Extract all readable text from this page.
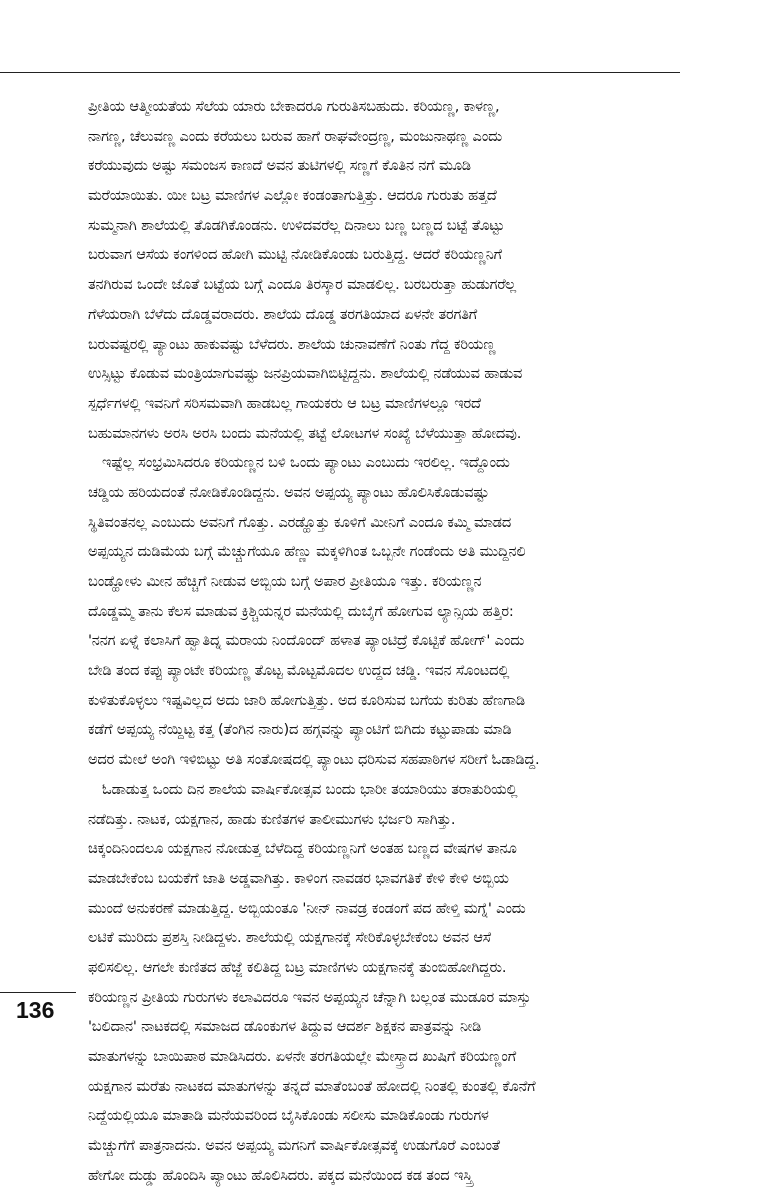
ಪ್ರೀತಿಯ ಆತ್ಮೀಯತೆಯ ಸೆಲೆಯ ಯಾರು ಬೇಕಾದರೂ ಗುರುತಿಸಬಹುದು. ಕರಿಯಣ್ಣ, ಕಾಳಣ್ಣ,
ನಾಗಣ್ಣ, ಚೆಲುವಣ್ಣ ಎಂದು ಕರೆಯಲು ಬರುವ ಹಾಗೆ ರಾಘವೇಂದ್ರಣ್ಣ, ಮಂಜುನಾಥಣ್ಣ ಎಂದು
ಕರೆಯುವುದು ಅಷ್ಟು ಸಮಂಜಸ ಕಾಣದೆ ಅವನ ತುಟಿಗಳಲ್ಲಿ ಸಣ್ಣಗೆ ಕೊತಿನ ನಗೆ ಮೂಡಿ
ಮರೆಯಾಯಿತು. ಯೀ ಬಟ್ರ ಮಾಣಿಗಳ ಎಲ್ಲೋ ಕಂಡಂತಾಗುತ್ತಿತ್ತು. ಆದರೂ ಗುರುತು ಹತ್ತದೆ
ಸುಮ್ಮನಾಗಿ ಶಾಲೆಯಲ್ಲಿ ತೊಡಗಿಕೊಂಡನು. ಉಳಿದವರೆಲ್ಲ ದಿನಾಲು ಬಣ್ಣ ಬಣ್ಣದ ಬಟ್ಟೆ ತೊಟ್ಟು
ಬರುವಾಗ ಆಸೆಯ ಕಂಗಳಿಂದ ಹೋಗಿ ಮುಟ್ಟಿ ನೋಡಿಕೊಂಡು ಬರುತ್ತಿದ್ದ. ಆದರೆ ಕರಿಯಣ್ಣನಿಗೆ
ತನಗಿರುವ ಒಂದೇ ಜೊತೆ ಬಟ್ಟೆಯ ಬಗ್ಗೆ ಎಂದೂ ತಿರಸ್ಕಾರ ಮಾಡಲಿಲ್ಲ. ಬರಬರುತ್ತಾ ಹುಡುಗರೆಲ್ಲ
ಗೆಳೆಯರಾಗಿ ಬೆಳೆದು ದೊಡ್ಡವರಾದರು. ಶಾಲೆಯ ದೊಡ್ಡ ತರಗತಿಯಾದ ಏಳನೇ ತರಗತಿಗೆ
ಬರುವಷ್ಟರಲ್ಲಿ ಪ್ಯಾಂಟು ಹಾಕುವಷ್ಟು ಬೆಳೆದರು. ಶಾಲೆಯ ಚುನಾವಣೆಗೆ ನಿಂತು ಗೆದ್ದ ಕರಿಯಣ್ಣ
ಉಸ್ಸಿಟ್ಟು ಕೊಡುವ ಮಂತ್ರಿಯಾಗುವಷ್ಟು ಜನಪ್ರಿಯವಾಗಿಬಿಟ್ಟಿದ್ದನು. ಶಾಲೆಯಲ್ಲಿ ನಡೆಯುವ ಹಾಡುವ
ಸ್ಪರ್ಧೆಗಳಲ್ಲಿ ಇವನಿಗೆ ಸರಿಸಮವಾಗಿ ಹಾಡಬಲ್ಲ ಗಾಯಕರು ಆ ಬಟ್ರ ಮಾಣಿಗಳಲ್ಲೂ ಇರದೆ
ಬಹುಮಾನಗಳು ಅರಸಿ ಅರಸಿ ಬಂದು ಮನೆಯಲ್ಲಿ ತಟ್ಟೆ ಲೋಟಗಳ ಸಂಖ್ಯೆ ಬೆಳೆಯುತ್ತಾ ಹೋದವು.
ಇಷ್ಟೆಲ್ಲ ಸಂಭ್ರಮಿಸಿದರೂ ಕರಿಯಣ್ಣನ ಬಳಿ ಒಂದು ಪ್ಯಾಂಟು ಎಂಬುದು ಇರಲಿಲ್ಲ. ಇದ್ದೊಂದು
ಚಡ್ಡಿಯ ಹರಿಯದಂತೆ ನೋಡಿಕೊಂಡಿದ್ದನು. ಅವನ ಅಪ್ಪಯ್ಯ ಪ್ಯಾಂಟು ಹೊಲಿಸಿಕೊಡುವಷ್ಟು
ಸ್ಥಿತಿವಂತನಲ್ಲ ಎಂಬುದು ಅವನಿಗೆ ಗೊತ್ತು. ಎರಡ್ಹೊತ್ತು ಕೂಳಿಗೆ ಮೀನಿಗೆ ಎಂದೂ ಕಮ್ಮಿ ಮಾಡದ
ಅಪ್ಪಯ್ಯನ ದುಡಿಮೆಯ ಬಗ್ಗೆ ಮೆಚ್ಚುಗೆಯೂ ಹೆಣ್ಣು ಮಕ್ಕಳಿಗಿಂತ ಒಬ್ಬನೇ ಗಂಡೆಂದು ಅತಿ ಮುದ್ದಿನಲಿ
ಬಂಡ್ಹೋಳು ಮೀನ ಹೆಚ್ಚಿಗೆ ನೀಡುವ ಅಬ್ಬಿಯ ಬಗ್ಗೆ ಅಪಾರ ಪ್ರೀತಿಯೂ ಇತ್ತು. ಕರಿಯಣ್ಣನ
ದೊಡ್ಡಮ್ಮ ತಾನು ಕೆಲಸ ಮಾಡುವ ಕ್ರಿಶ್ಚಿಯನ್ನರ ಮನೆಯಲ್ಲಿ ದುಬೈಗೆ ಹೋಗುವ ಲ್ಯಾನ್ಸಿಯ ಹತ್ತಿರ:
'ನನಗ ಏಳ್ನೆ ಕಲಾಸಿಗೆ ಹ್ವಾತಿದ್ನ ಮರಾಯ ನಿಂದೊಂದ್ ಹಳಾತ ಪ್ಯಾಂಟಿದ್ರೆ ಕೊಟ್ಟಿಕೆ ಹೋಗ್' ಎಂದು
ಬೇಡಿ ತಂದ ಕಪ್ಪು ಪ್ಯಾಂಟೇ ಕರಿಯಣ್ಣ ತೊಟ್ಟ ಮೊಟ್ಟಮೊದಲ ಉದ್ದದ ಚಡ್ಡಿ. ಇವನ ಸೊಂಟದಲ್ಲಿ
ಕುಳಿತುಕೊಳ್ಳಲು ಇಷ್ಟವಿಲ್ಲದ ಅದು ಜಾರಿ ಹೋಗುತ್ತಿತ್ತು. ಅದ ಕೂರಿಸುವ ಬಗೆಯ ಕುರಿತು ಹೆಣಗಾಡಿ
ಕಡೆಗೆ ಅಪ್ಪಯ್ಯ ನೆಯ್ದಿಟ್ಟ ಕತ್ತ (ತೆಂಗಿನ ನಾರು)ದ ಹಗ್ಗವನ್ನು ಪ್ಯಾಂಟಿಗೆ ಬಿಗಿದು ಕಟ್ಟುಪಾಡು ಮಾಡಿ
ಅದರ ಮೇಲೆ ಅಂಗಿ ಇಳಿಬಿಟ್ಟು ಅತಿ ಸಂತೋಷದಲ್ಲಿ ಪ್ಯಾಂಟು ಧರಿಸುವ ಸಹಪಾಠಿಗಳ ಸರೀಗೆ ಓಡಾಡಿದ್ದ.
ಓಡಾಡುತ್ತ ಒಂದು ದಿನ ಶಾಲೆಯ ವಾರ್ಷಿಕೋತ್ಸವ ಬಂದು ಭಾರೀ ತಯಾರಿಯು ತರಾತುರಿಯಲ್ಲಿ
ನಡೆದಿತ್ತು. ನಾಟಕ, ಯಕ್ಷಗಾನ, ಹಾಡು ಕುಣಿತಗಳ ತಾಲೀಮುಗಳು ಭರ್ಜರಿ ಸಾಗಿತ್ತು.
ಚಿಕ್ಕಂದಿನಿಂದಲೂ ಯಕ್ಷಗಾನ ನೋಡುತ್ತ ಬೆಳೆದಿದ್ದ ಕರಿಯಣ್ಣನಿಗೆ ಅಂತಹ ಬಣ್ಣದ ವೇಷಗಳ ತಾನೂ
ಮಾಡಬೇಕೆಂಬ ಬಯಕೆಗೆ ಜಾತಿ ಅಡ್ಡವಾಗಿತ್ತು. ಕಾಳಿಂಗ ನಾವಡರ ಭಾವಗತಿಕೆ ಕೇಳಿ ಕೇಳಿ ಅಬ್ಬಿಯ
ಮುಂದೆ ಅನುಕರಣೆ ಮಾಡುತ್ತಿದ್ದ. ಅಬ್ಬಿಯಂತೂ 'ನೀನ್ ನಾವಡ್ರ ಕಂಡಂಗೆ ಪದ ಹೇಳ್ತಿ ಮಗ್ನೆ' ಎಂದು
ಲಟಿಕೆ ಮುರಿದು ಪ್ರಶಸ್ತಿ ನೀಡಿದ್ದಳು. ಶಾಲೆಯಲ್ಲಿ ಯಕ್ಷಗಾನಕ್ಕೆ ಸೇರಿಕೊಳ್ಳಬೇಕೆಂಬ ಅವನ ಆಸೆ
ಫಲಿಸಲಿಲ್ಲ. ಆಗಲೇ ಕುಣಿತದ ಹೆಜ್ಜೆ ಕಲಿತಿದ್ದ ಬಟ್ರ ಮಾಣಿಗಳು ಯಕ್ಷಗಾನಕ್ಕೆ ತುಂಬಿಹೋಗಿದ್ದರು.
ಕರಿಯಣ್ಣನ ಪ್ರೀತಿಯ ಗುರುಗಳು ಕಲಾವಿದರೂ ಇವನ ಅಪ್ಪಯ್ಯನ ಚೆನ್ನಾಗಿ ಬಲ್ಲಂತ ಮುಡೂರ ಮಾಸ್ತು
'ಬಲಿದಾನ' ನಾಟಕದಲ್ಲಿ ಸಮಾಜದ ಡೊಂಕುಗಳ ತಿದ್ದುವ ಆದರ್ಶ ಶಿಕ್ಷಕನ ಪಾತ್ರವನ್ನು ನೀಡಿ
ಮಾತುಗಳನ್ನು ಬಾಯಿಪಾಠ ಮಾಡಿಸಿದರು. ಏಳನೇ ತರಗತಿಯಲ್ಲೇ ಮೇಸ್ತ್ರಾದ ಖುಷಿಗೆ ಕರಿಯಣ್ಣಂಗೆ
ಯಕ್ಷಗಾನ ಮರೆತು ನಾಟಕದ ಮಾತುಗಳನ್ನು ತನ್ನದೆ ಮಾತೆಂಬಂತೆ ಹೋದಲ್ಲಿ ನಿಂತಲ್ಲಿ ಕುಂತಲ್ಲಿ ಕೊನೆಗೆ
ನಿದ್ದೆಯಲ್ಲಿಯೂ ಮಾತಾಡಿ ಮನೆಯವರಿಂದ ಬೈಸಿಕೊಂಡು ಸಲೀಸು ಮಾಡಿಕೊಂಡು ಗುರುಗಳ
ಮೆಚ್ಚುಗೆಗೆ ಪಾತ್ರನಾದನು. ಅವನ ಅಪ್ಪಯ್ಯ ಮಗನಿಗೆ ವಾರ್ಷಿಕೋತ್ಸವಕ್ಕೆ ಉಡುಗೊರೆ ಎಂಬಂತೆ
ಹೇಗೋ ದುಡ್ಡು ಹೊಂದಿಸಿ ಪ್ಯಾಂಟು ಹೊಲಿಸಿದರು. ಪಕ್ಕದ ಮನೆಯಿಂದ ಕಡ ತಂದ ಇಸ್ತ್ರಿ
136
